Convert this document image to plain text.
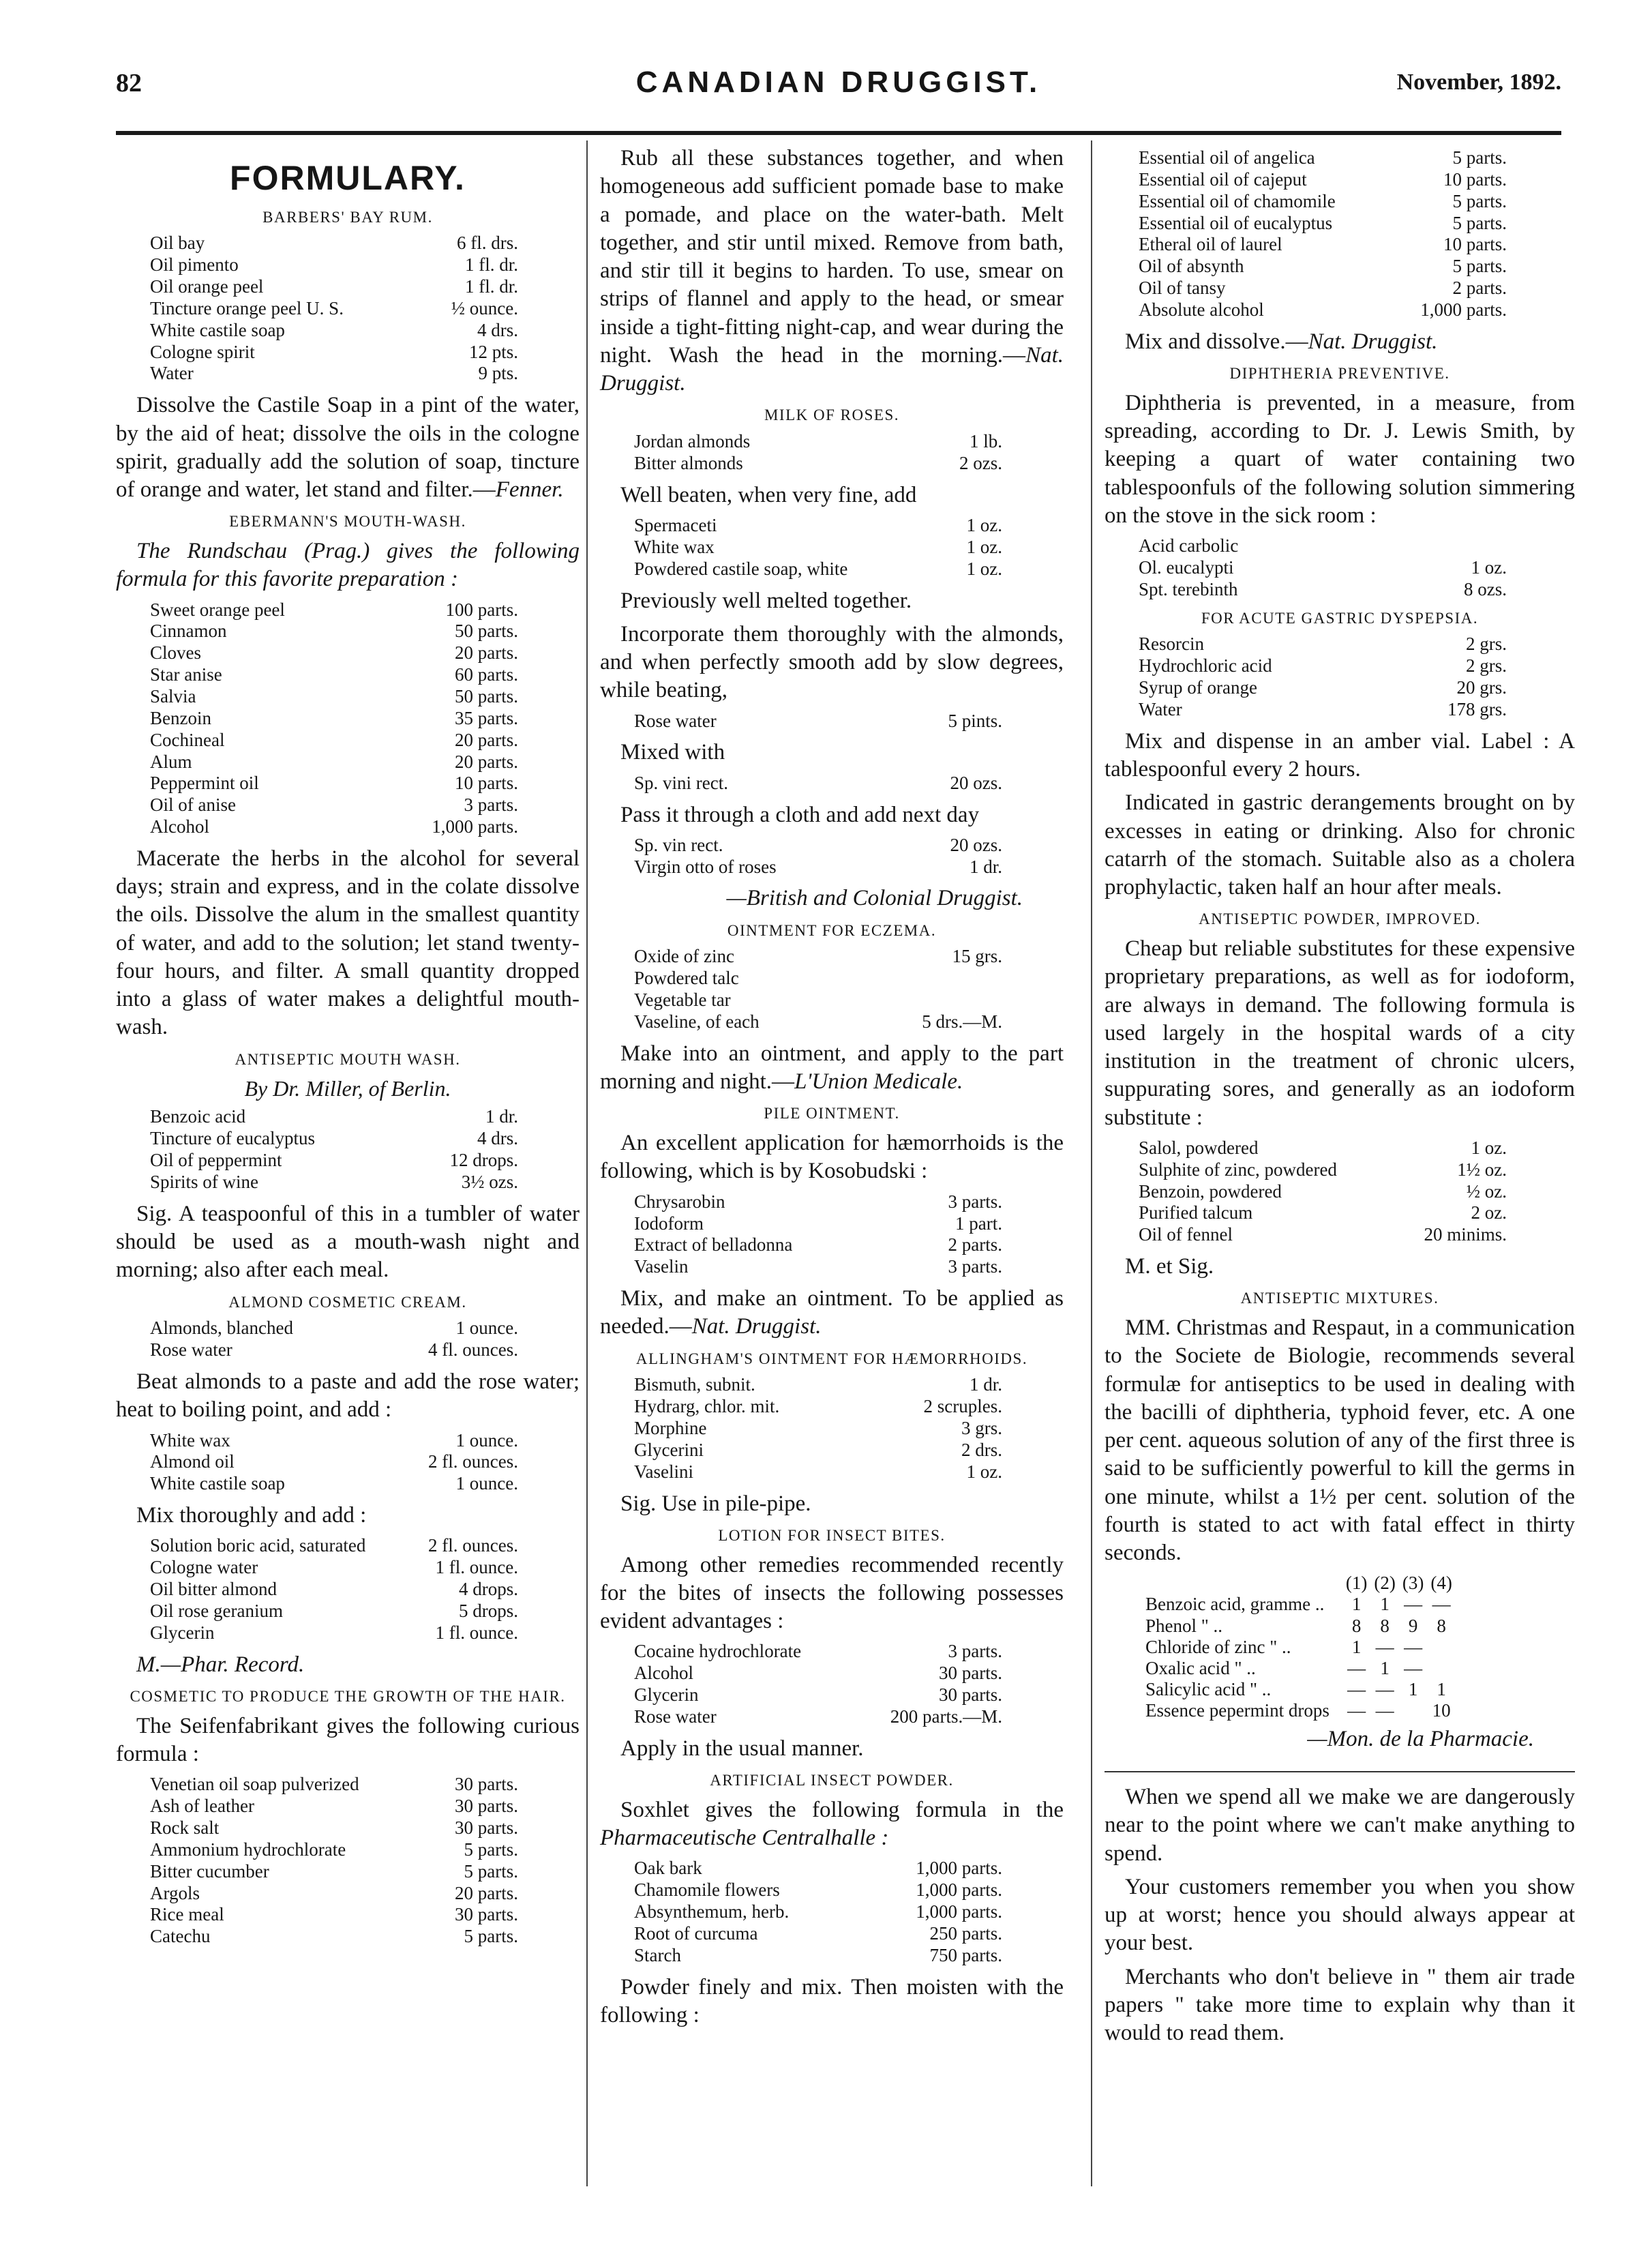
82	CANADIAN DRUGGIST.	November, 1892.
FORMULARY.
BARBERS' BAY RUM.
Oil bay	6 fl. drs.
Oil pimento	1 fl. dr.
Oil orange peel	1 fl. dr.
Tincture orange peel U. S.	½ ounce.
White castile soap	4 drs.
Cologne spirit	12 pts.
Water	9 pts.

Dissolve the Castile Soap in a pint of the water, by the aid of heat; dissolve the oils in the cologne spirit, gradually add the solution of soap, tincture of orange and water, let stand and filter.—Fenner.

EBERMANN'S MOUTH-WASH.

The Rundschau (Prag.) gives the following formula for this favorite preparation :

Sweet orange peel	100 parts.
Cinnamon	50 parts.
Cloves	20 parts.
Star anise	60 parts.
Salvia	50 parts.
Benzoin	35 parts.
Cochineal	20 parts.
Alum	20 parts.
Peppermint oil	10 parts.
Oil of anise	3 parts.
Alcohol	1,000 parts.

Macerate the herbs in the alcohol for several days; strain and express, and in the colate dissolve the oils. Dissolve the alum in the smallest quantity of water, and add to the solution; let stand twenty-four hours, and filter. A small quantity dropped into a glass of water makes a delightful mouth-wash.

ANTISEPTIC MOUTH WASH.
By Dr. Miller, of Berlin.
Benzoic acid	1 dr.
Tincture of eucalyptus	4 drs.
Oil of peppermint	12 drops.
Spirits of wine	3½ ozs.

Sig. A teaspoonful of this in a tumbler of water should be used as a mouth-wash night and morning; also after each meal.

ALMOND COSMETIC CREAM.
Almonds, blanched	1 ounce.
Rose water	4 fl. ounces.

Beat almonds to a paste and add the rose water; heat to boiling point, and add :

White wax	1 ounce.
Almond oil	2 fl. ounces.
White castile soap	1 ounce.

Mix thoroughly and add :

Solution boric acid, saturated	2 fl. ounces.
Cologne water	1 fl. ounce.
Oil bitter almond	4 drops.
Oil rose geranium	5 drops.
Glycerin	1 fl. ounce.

M.—Phar. Record.

COSMETIC TO PRODUCE THE GROWTH OF THE HAIR.

The Seifenfabrikant gives the following curious formula :

Venetian oil soap pulverized	30 parts.
Ash of leather	30 parts.
Rock salt	30 parts.
Ammonium hydrochlorate	5 parts.
Bitter cucumber	5 parts.
Argols	20 parts.
Rice meal	30 parts.
Catechu	5 parts.

Rub all these substances together, and when homogeneous add sufficient pomade base to make a pomade, and place on the water-bath. Melt together, and stir until mixed. Remove from bath, and stir till it begins to harden. To use, smear on strips of flannel and apply to the head, or smear inside a tight-fitting night-cap, and wear during the night. Wash the head in the morning.—Nat. Druggist.

MILK OF ROSES.
Jordan almonds	1 lb.
Bitter almonds	2 ozs.

Well beaten, when very fine, add

Spermaceti	1 oz.
White wax	1 oz.
Powdered castile soap, white	1 oz.

Previously well melted together.

Incorporate them thoroughly with the almonds, and when perfectly smooth add by slow degrees, while beating,

Rose water	5 pints.

Mixed with

Sp. vini rect.	20 ozs.

Pass it through a cloth and add next day

Sp. vin rect.	20 ozs.
Virgin otto of roses	1 dr.
—British and Colonial Druggist.
OINTMENT FOR ECZEMA.
Oxide of zinc	15 grs.
Powdered talc
Vegetable tar
Vaseline, of each	5 drs.—M.

Make into an ointment, and apply to the part morning and night.—L'Union Medicale.

PILE OINTMENT.

An excellent application for hæmorrhoids is the following, which is by Kosobudski :

Chrysarobin	3 parts.
Iodoform	1 part.
Extract of belladonna	2 parts.
Vaselin	3 parts.

Mix, and make an ointment. To be applied as needed.—Nat. Druggist.

ALLINGHAM'S OINTMENT FOR HÆMORRHOIDS.
Bismuth, subnit.	1 dr.
Hydrarg, chlor. mit.	2 scruples.
Morphine	3 grs.
Glycerini	2 drs.
Vaselini	1 oz.

Sig. Use in pile-pipe.

LOTION FOR INSECT BITES.

Among other remedies recommended recently for the bites of insects the following possesses evident advantages :

Cocaine hydrochlorate	3 parts.
Alcohol	30 parts.
Glycerin	30 parts.
Rose water	200 parts.—M.

Apply in the usual manner.

ARTIFICIAL INSECT POWDER.

Soxhlet gives the following formula in the Pharmaceutische Centralhalle :

Oak bark	1,000 parts.
Chamomile flowers	1,000 parts.
Absynthemum, herb.	1,000 parts.
Root of curcuma	250 parts.
Starch	750 parts.

Powder finely and mix. Then moisten with the following :

Essential oil of angelica	5 parts.
Essential oil of cajeput	10 parts.
Essential oil of chamomile	5 parts.
Essential oil of eucalyptus	5 parts.
Etheral oil of laurel	10 parts.
Oil of absynth	5 parts.
Oil of tansy	2 parts.
Absolute alcohol	1,000 parts.

Mix and dissolve.—Nat. Druggist.

DIPHTHERIA PREVENTIVE.

Diphtheria is prevented, in a measure, from spreading, according to Dr. J. Lewis Smith, by keeping a quart of water containing two tablespoonfuls of the following solution simmering on the stove in the sick room :

Acid carbolic
Ol. eucalypti	1 oz.
Spt. terebinth	8 ozs.
FOR ACUTE GASTRIC DYSPEPSIA.
Resorcin	2 grs.
Hydrochloric acid	2 grs.
Syrup of orange	20 grs.
Water	178 grs.

Mix and dispense in an amber vial. Label : A tablespoonful every 2 hours.

Indicated in gastric derangements brought on by excesses in eating or drinking. Also for chronic catarrh of the stomach. Suitable also as a cholera prophylactic, taken half an hour after meals.

ANTISEPTIC POWDER, IMPROVED.

Cheap but reliable substitutes for these expensive proprietary preparations, as well as for iodoform, are always in demand. The following formula is used largely in the hospital wards of a city institution in the treatment of chronic ulcers, suppurating sores, and generally as an iodoform substitute :

Salol, powdered	1 oz.
Sulphite of zinc, powdered	1½ oz.
Benzoin, powdered	½ oz.
Purified talcum	2 oz.
Oil of fennel	20 minims.

M. et Sig.

ANTISEPTIC MIXTURES.

MM. Christmas and Respaut, in a communication to the Societe de Biologie, recommends several formulæ for antiseptics to be used in dealing with the bacilli of diphtheria, typhoid fever, etc. A one per cent. aqueous solution of any of the first three is said to be sufficiently powerful to kill the germs in one minute, whilst a 1½ per cent. solution of the fourth is stated to act with fatal effect in thirty seconds.

	(1)	(2)	(3)	(4)
Benzoic acid, gramme ..	1	1	—	—
Phenol " ..	8	8	9	8
Chloride of zinc " ..	1	—	—	
Oxalic acid " ..	—	1	—	
Salicylic acid " ..	—	—	1	1
Essence pepermint drops	—	—		10
—Mon. de la Pharmacie.

When we spend all we make we are dangerously near to the point where we can't make anything to spend.

Your customers remember you when you show up at worst; hence you should always appear at your best.

Merchants who don't believe in " them air trade papers " take more time to explain why than it would to read them.
